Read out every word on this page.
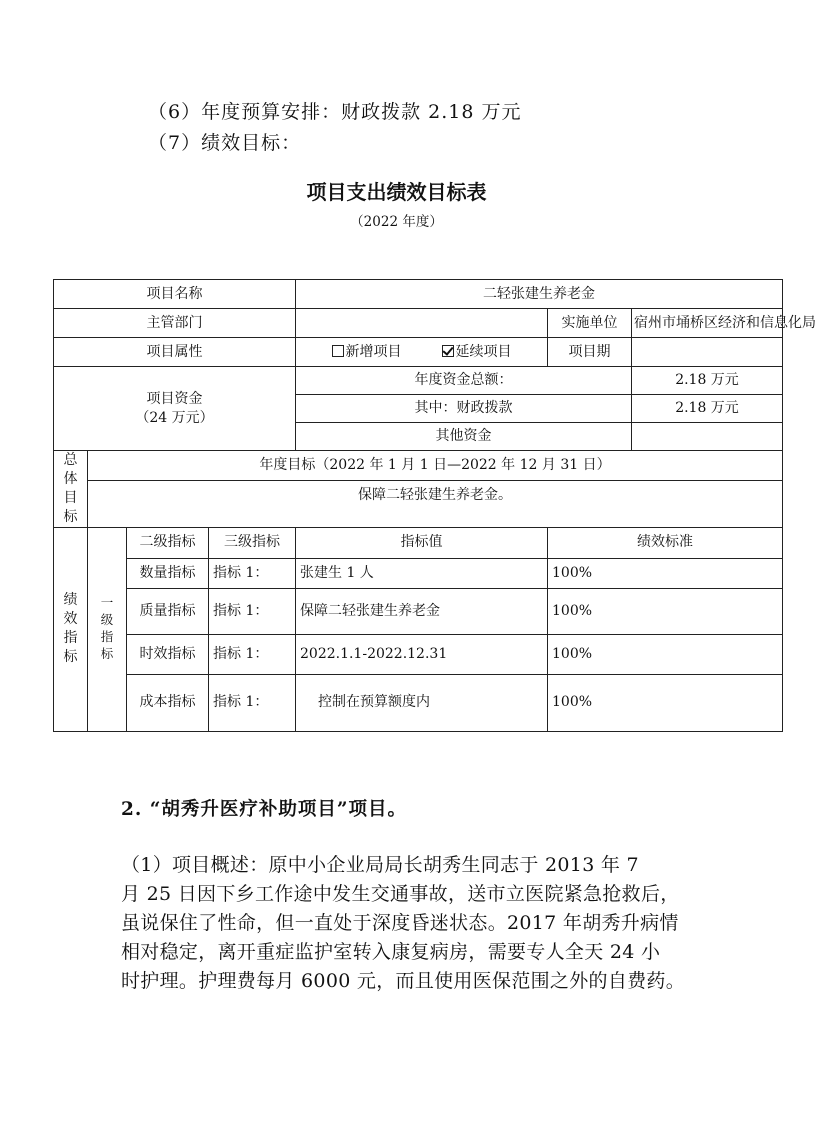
（6）年度预算安排：财政拨款 2.18 万元
（7）绩效目标：
项目支出绩效目标表
（2022 年度）
项目名称				二轻张建生养老金		
主管部门					实施单位	宿州市埇桥区经济和信息化局
项目属性				新增项目 延续项目	项目期	

项目资金
（24 万元）				年度资金总额：		2.18 万元
				其中：财政拨款		2.18 万元
				其他资金		

总体目标	年度目标（2022 年 1 月 1 日—2022 年 12 月 31 日）					
	保障二轻张建生养老金。					

绩效指标	一级指标	二级指标	三级指标	指标值	绩效标准	
		数量指标	指标 1：	张建生 1 人	100%	
		质量指标	指标 1：	保障二轻张建生养老金	100%	
		时效指标	指标 1：	2022.1.1-2022.12.31	100%	
		成本指标	指标 1：	控制在预算额度内	100%	
2. “胡秀升医疗补助项目”项目。
（1）项目概述：原中小企业局局长胡秀生同志于 2013 年 7
月 25 日因下乡工作途中发生交通事故，送市立医院紧急抢救后，
虽说保住了性命，但一直处于深度昏迷状态。2017 年胡秀升病情
相对稳定，离开重症监护室转入康复病房，需要专人全天 24 小
时护理。护理费每月 6000 元，而且使用医保范围之外的自费药。
